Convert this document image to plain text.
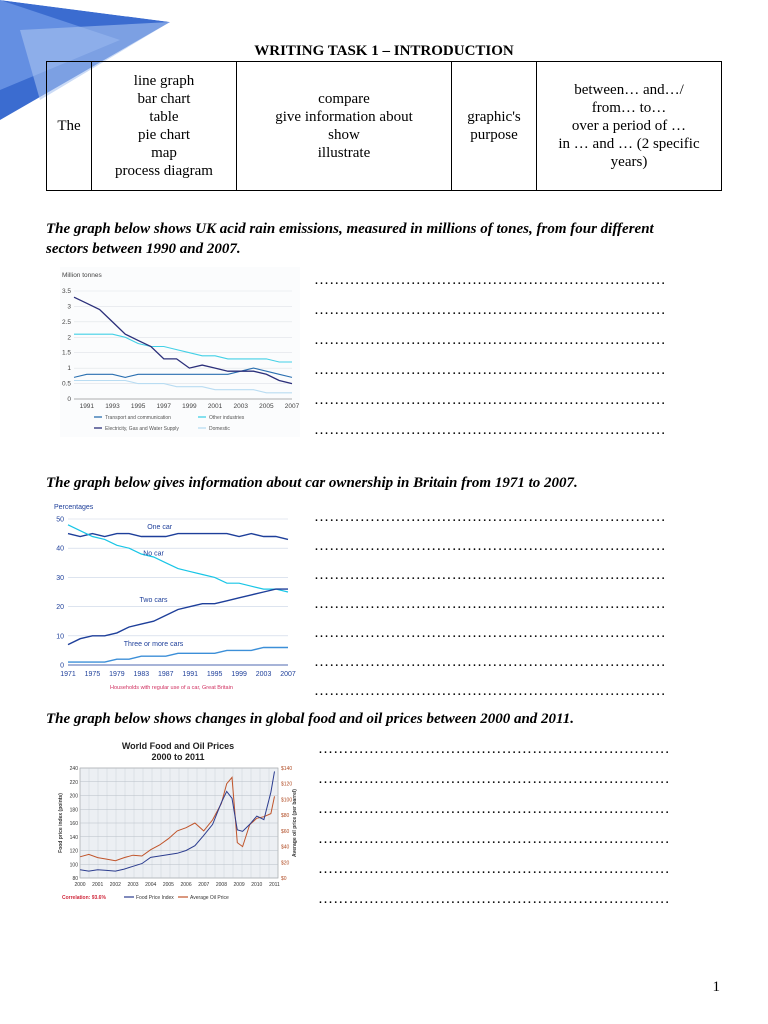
WRITING TASK 1 – INTRODUCTION
The	
line graph
bar chart
table
pie chart
map
process diagram

compare
give information about
show
illustrate

graphic's
purpose

between… and…/
from… to…
over a period of …
in … and … (2 specific
years)
The graph below shows UK acid rain emissions, measured in millions of tones, from four different sectors between 1990 and 2007.
Million tonnes
0
0.5
1
1.5
2
2.5
3
3.5
1991 1993 1995 1997 1999 2001 2003 2005 2007
Transport and communication	Other industries
Electricity, Gas and Water Supply	Domestic
……………………………………………………………
……………………………………………………………
……………………………………………………………
……………………………………………………………
……………………………………………………………
……………………………………………………………
The graph below gives information about car ownership in Britain from 1971 to 2007.
Percentages
0
10
20
30
40
50
1971 1975 1979 1983 1987 1991 1995 1999 2003 2007
One car
No car
Two cars
Three or more cars
Households with regular use of a car, Great Britain
……………………………………………………………
……………………………………………………………
……………………………………………………………
……………………………………………………………
……………………………………………………………
……………………………………………………………
……………………………………………………………
The graph below shows changes in global food and oil prices between 2000 and 2011.
World Food and Oil Prices
2000 to 2011
80
100
120
140
160
180
200
220
240
$0
$20
$40
$60
$80
$100
$120
$140
2000 2001 2002 2003 2004 2005 2006 2007 2008 2009 2010 2011
Food price index (points)	Average oil price (per barrel)
Correlation: 93.6%	Food Price Index	Average Oil Price
……………………………………………………………
……………………………………………………………
……………………………………………………………
……………………………………………………………
……………………………………………………………
……………………………………………………………
1
